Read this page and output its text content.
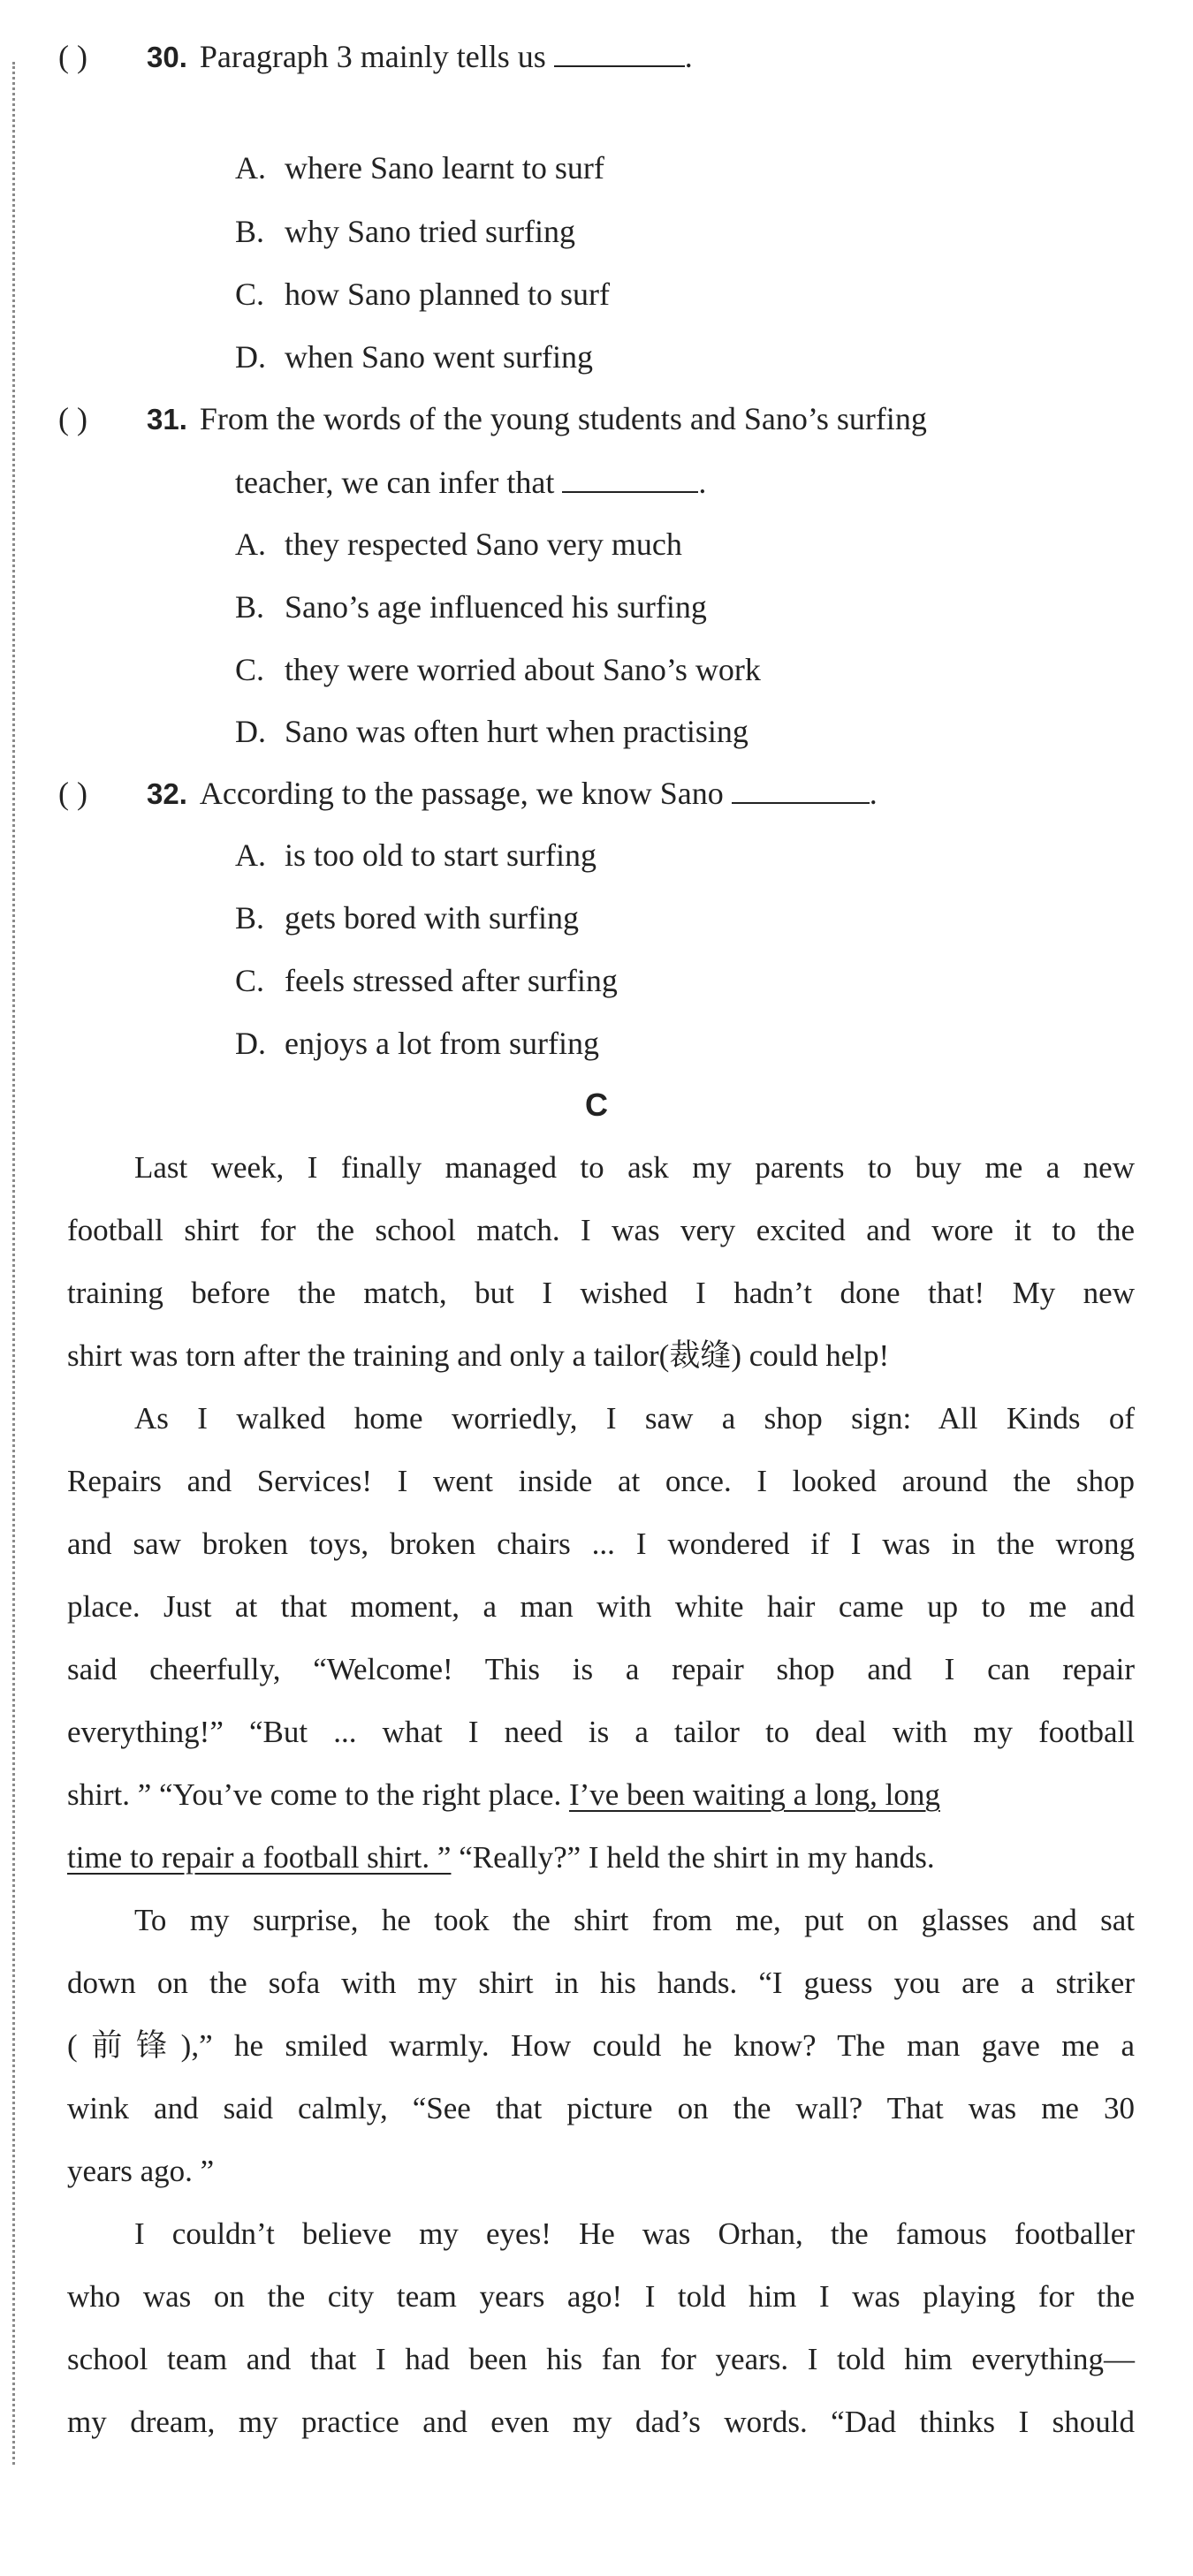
( ) 30. Paragraph 3 mainly tells us	.
A. where Sano learnt to surf
B. why Sano tried surfing
C. how Sano planned to surf
D. when Sano went surfing
( ) 31. From the words of the young students and Sano’s surfing
teacher, we can infer that	.
A. they respected Sano very much
B. Sano’s age influenced his surfing
C. they were worried about Sano’s work
D. Sano was often hurt when practising
( ) 32. According to the passage, we know Sano	.
A. is too old to start surfing
B. gets bored with surfing
C. feels stressed after surfing
D. enjoys a lot from surfing
C
Last week, I finally managed to ask my parents to buy me a new
football shirt for the school match. I was very excited and wore it to the
training before the match, but I wished I hadn’t done that! My new
shirt was torn after the training and only a tailor(裁缝) could help!
As I walked home worriedly, I saw a shop sign: All Kinds of
Repairs and Services! I went inside at once. I looked around the shop
and saw broken toys, broken chairs ... I wondered if I was in the wrong
place. Just at that moment, a man with white hair came up to me and
said cheerfully, “Welcome! This is a repair shop and I can repair
everything!” “But ... what I need is a tailor to deal with my football
shirt. ” “You’ve come to the right place. I’ve been waiting a long, long
time to repair a football shirt. ” “Really?” I held the shirt in my hands.
To my surprise, he took the shirt from me, put on glasses and sat
down on the sofa with my shirt in his hands. “I guess you are a striker
(前锋),” he smiled warmly. How could he know? The man gave me a
wink and said calmly, “See that picture on the wall? That was me 30
years ago. ”
I couldn’t believe my eyes! He was Orhan, the famous footballer
who was on the city team years ago! I told him I was playing for the
school team and that I had been his fan for years. I told him everything—
my dream, my practice and even my dad’s words. “Dad thinks I should
